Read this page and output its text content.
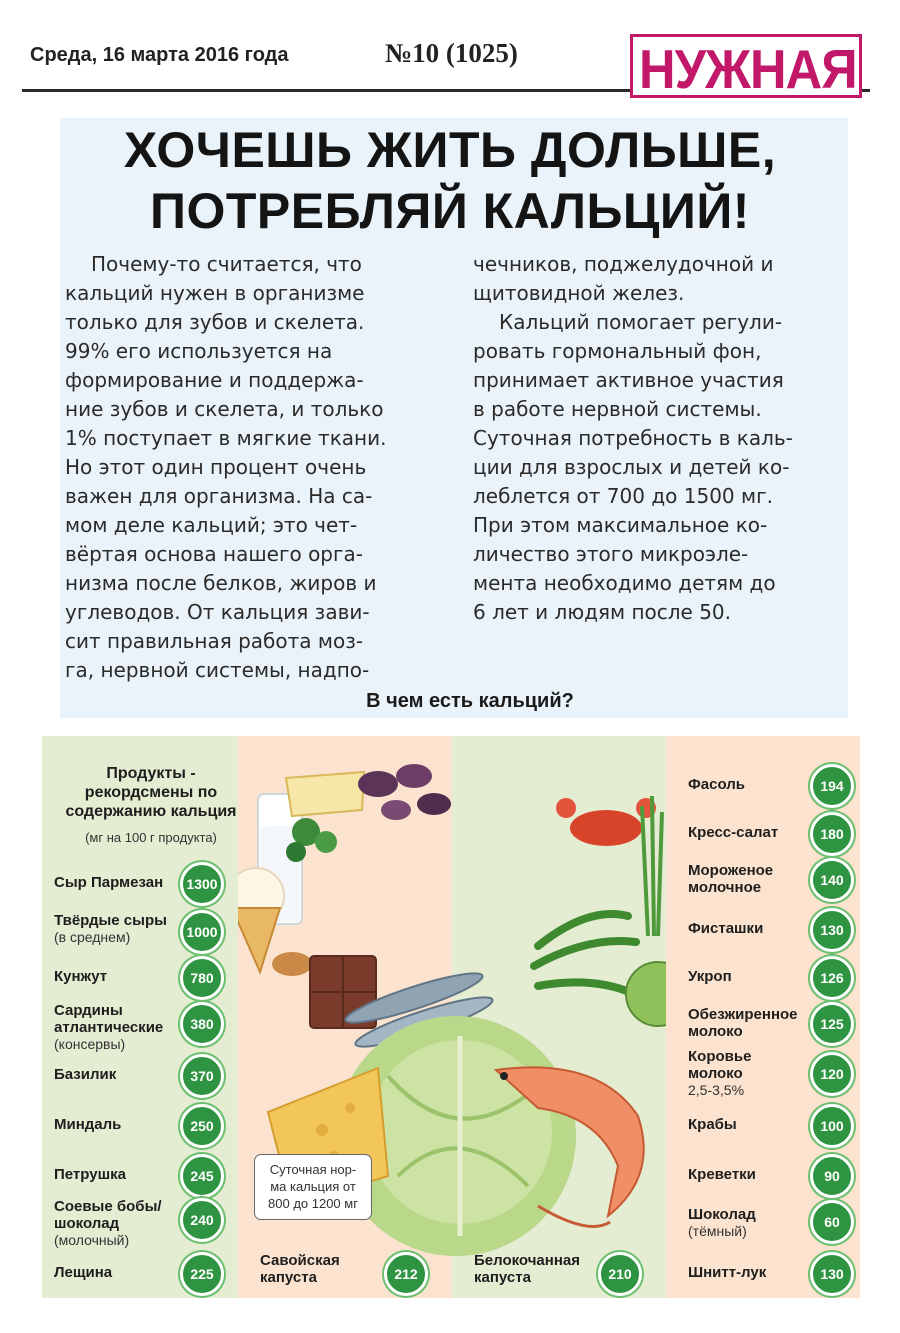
Среда, 16 марта 2016 года	№10 (1025) НУЖНАЯ
ХОЧЕШЬ ЖИТЬ ДОЛЬШЕ,
ПОТРЕБЛЯЙ КАЛЬЦИЙ!
Почему-то считается, что
кальций нужен в организме
только для зубов и скелета.
99% его используется на
формирование и поддержа-
ние зубов и скелета, и только
1% поступает в мягкие ткани.
Но этот один процент очень
важен для организма. На са-
мом деле кальций; это чет-
вёртая основа нашего орга-
низма после белков, жиров и
углеводов. От кальция зави-
сит правильная работа моз-
га, нервной системы, надпо-
чечников, поджелудочной и
щитовидной желез.
Кальций помогает регули-
ровать гормональный фон,
принимает активное участия
в работе нервной системы.
Суточная потребность в каль-
ции для взрослых и детей ко-
леблется от 700 до 1500 мг.
При этом максимальное ко-
личество этого микроэле-
мента необходимо детям до
6 лет и людям после 50.
В чем есть кальций?
Продукты -
рекордсмены по
содержанию кальция
(мг на 100 г продукта)
Сыр Пармезан	1300
Твёрдые сыры
(в среднем)	1000
Кунжут	780
Сардины
атлантические
(консервы)
380
Базилик	370
Миндаль	250
Петрушка	245
Соевые бобы/
шоколад
(молочный)
240
Лещина	225
Суточная нор-
ма кальция от
800 до 1200 мг
Савойская
капуста	212
Белокочанная
капуста	210
Фасоль	194
Кресс-салат	180
Мороженое
молочное	140
Фисташки	130
Укроп	126
Обезжиренное
молоко	125
Коровье
молоко
2,5-3,5%
120
Крабы	100
Креветки	90
Шоколад
(тёмный)
60
Шнитт-лук	130
